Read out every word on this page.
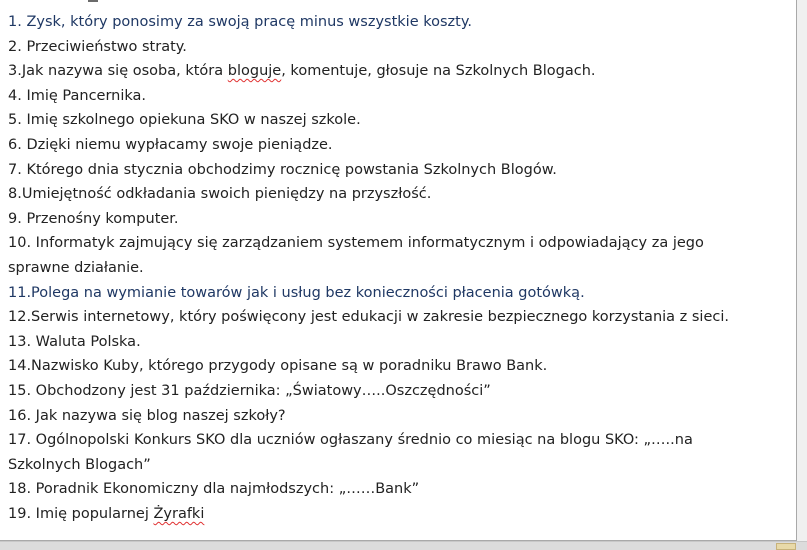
1. Zysk, który ponosimy za swoją pracę minus wszystkie koszty.
2. Przeciwieństwo straty.
3.Jak nazywa się osoba, która bloguje, komentuje, głosuje na Szkolnych Blogach.
4. Imię Pancernika.
5. Imię szkolnego opiekuna SKO w naszej szkole.
6. Dzięki niemu wypłacamy swoje pieniądze.
7. Którego dnia stycznia obchodzimy rocznicę powstania Szkolnych Blogów.
8.Umiejętność odkładania swoich pieniędzy na przyszłość.
9. Przenośny komputer.
10. Informatyk zajmujący się zarządzaniem systemem informatycznym i odpowiadający za jego sprawne działanie.
11.Polega na wymianie towarów jak i usług bez konieczności płacenia gotówką.
12.Serwis internetowy, który poświęcony jest edukacji w zakresie bezpiecznego korzystania z sieci.
13. Waluta Polska.
14.Nazwisko Kuby, którego przygody opisane są w poradniku Brawo Bank.
15. Obchodzony jest 31 października: „Światowy…..Oszczędności”
16. Jak nazywa się blog naszej szkoły?
17. Ogólnopolski Konkurs SKO dla uczniów ogłaszany średnio co miesiąc na blogu SKO: „…..na Szkolnych Blogach”
18. Poradnik Ekonomiczny dla najmłodszych: „……Bank”
19. Imię popularnej Żyrafki
